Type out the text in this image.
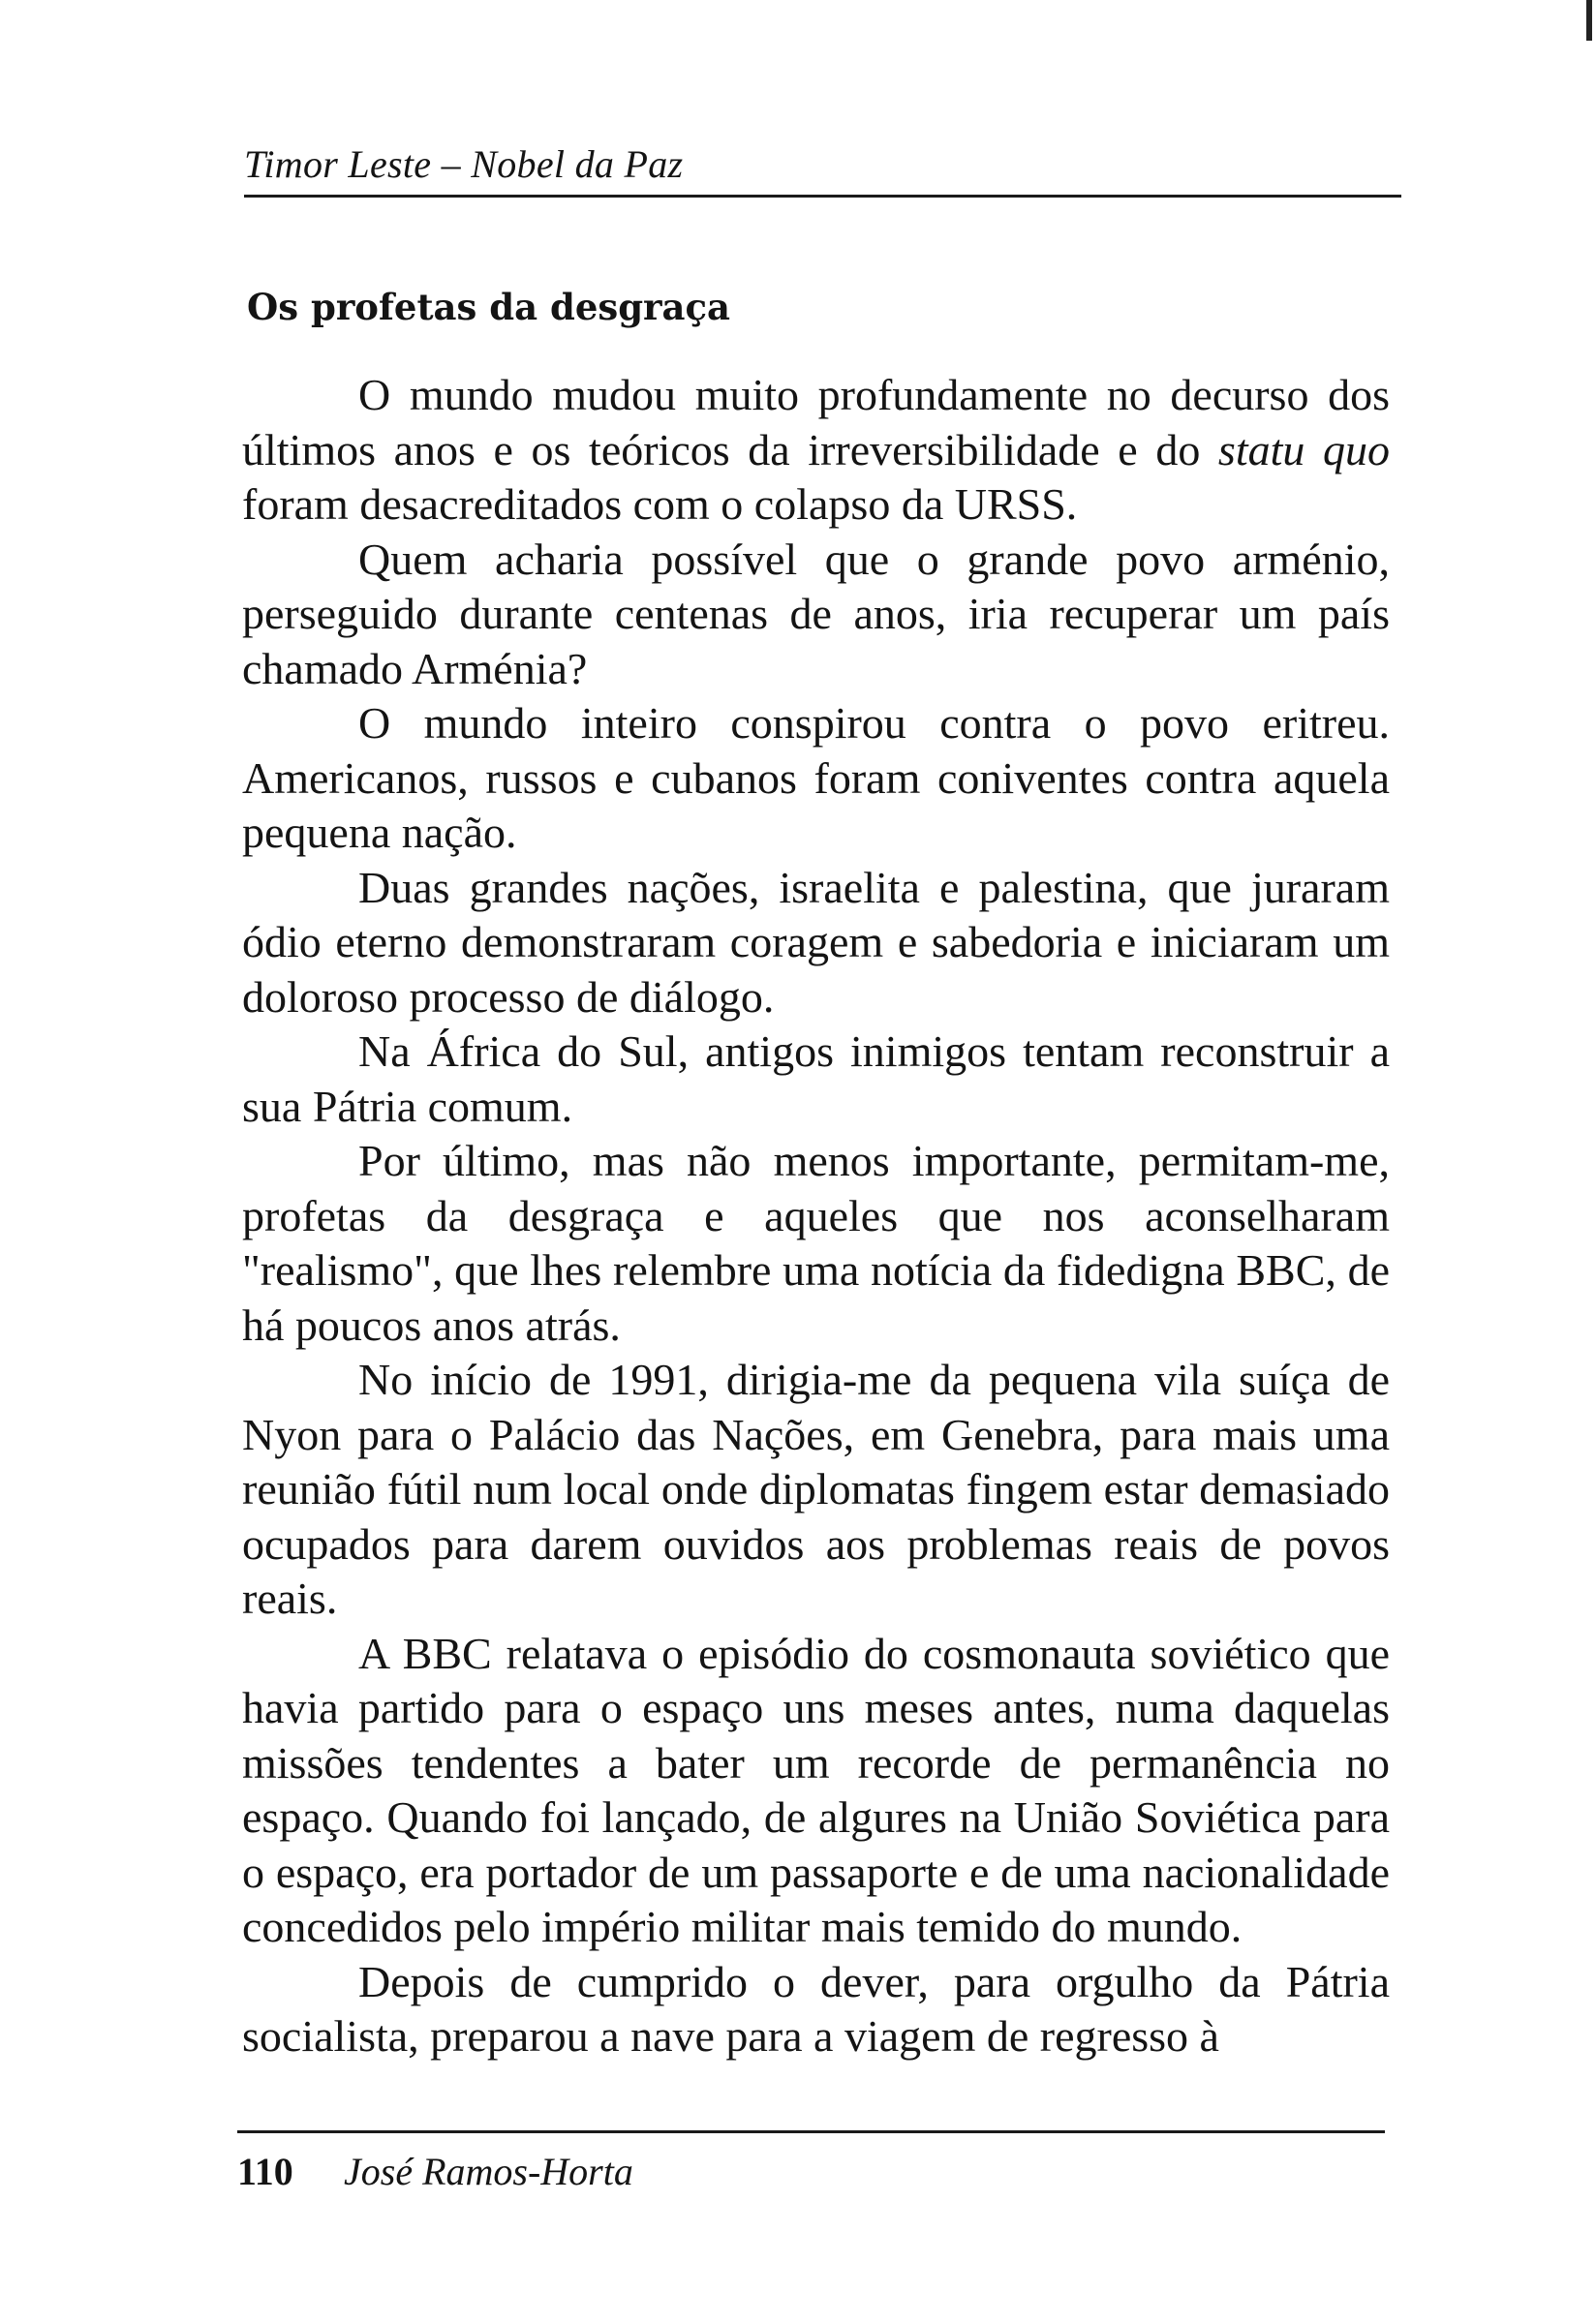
Timor Leste – Nobel da Paz
Os profetas da desgraça

O mundo mudou muito profundamente no decurso dos últimos anos e os teóricos da irreversibilidade e do statu quo foram desacreditados com o colapso da URSS.

Quem acharia possível que o grande povo arménio, perseguido durante centenas de anos, iria recuperar um país chamado Arménia?

O mundo inteiro conspirou contra o povo eritreu. Americanos, russos e cubanos foram coniventes contra aquela pequena nação.

Duas grandes nações, israelita e palestina, que juraram ódio eterno demonstraram coragem e sabedoria e iniciaram um doloroso processo de diálogo.

Na África do Sul, antigos inimigos tentam reconstruir a sua Pátria comum.

Por último, mas não menos importante, permitam-me, profetas da desgraça e aqueles que nos aconselharam "realismo", que lhes relembre uma notícia da fidedigna BBC, de há poucos anos atrás.

No início de 1991, dirigia-me da pequena vila suíça de Nyon para o Palácio das Nações, em Genebra, para mais uma reunião fútil num local onde diplomatas fingem estar demasiado ocupados para darem ouvidos aos problemas reais de povos reais.

A BBC relatava o episódio do cosmonauta soviético que havia partido para o espaço uns meses antes, numa daquelas missões tendentes a bater um recorde de permanência no espaço. Quando foi lançado, de algures na União Soviética para o espaço, era portador de um passaporte e de uma nacionalidade concedidos pelo império militar mais temido do mundo.

Depois de cumprido o dever, para orgulho da Pátria socialista, preparou a nave para a viagem de regresso à

110 José Ramos-Horta
